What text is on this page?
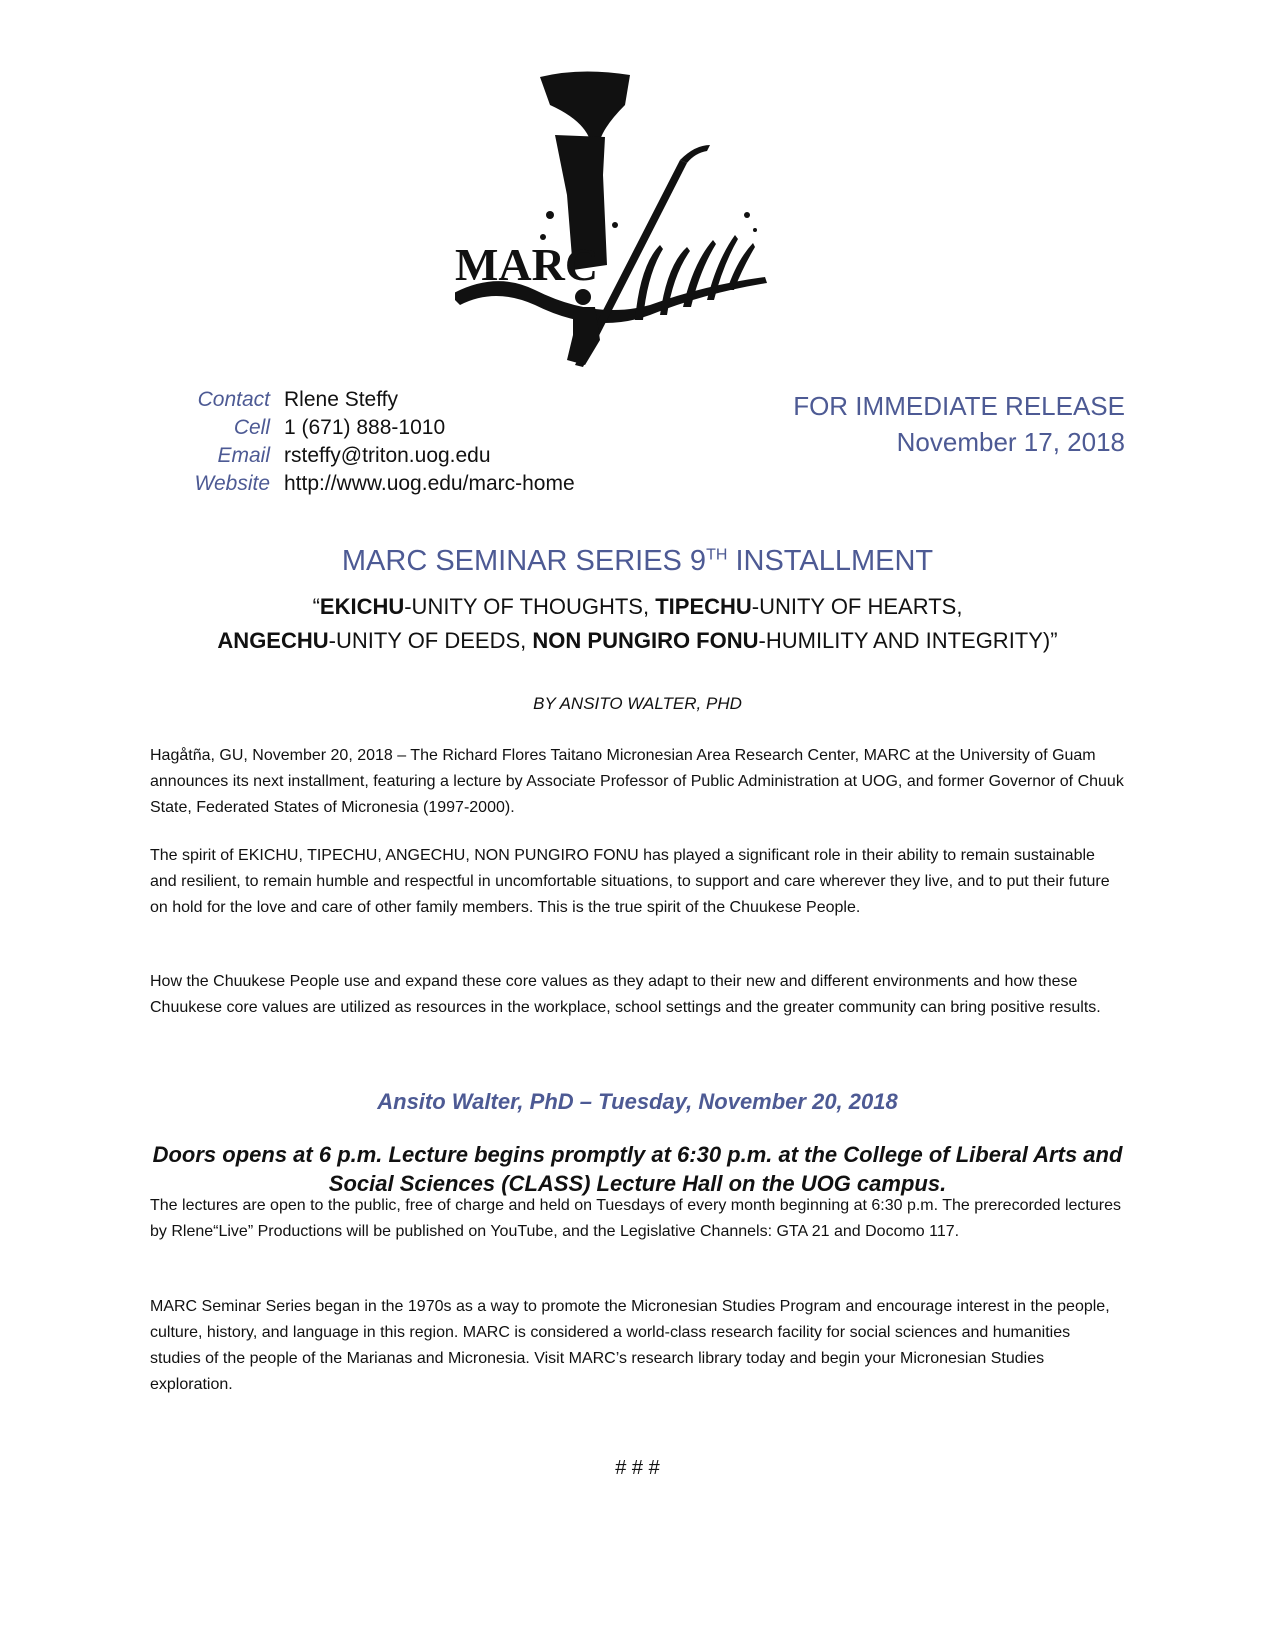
MARC
Contact Rlene Steffy
Cell 1 (671) 888-1010
Email rsteffy@triton.uog.edu
Website http://www.uog.edu/marc-home
FOR IMMEDIATE RELEASE
November 17, 2018
MARC SEMINAR SERIES 9TH INSTALLMENT
“EKICHU-UNITY OF THOUGHTS, TIPECHU-UNITY OF HEARTS,
ANGECHU-UNITY OF DEEDS, NON PUNGIRO FONU-HUMILITY AND INTEGRITY)”
BY ANSITO WALTER, PHD
Hagåtña, GU, November 20, 2018 – The Richard Flores Taitano Micronesian Area Research Center, MARC at the University of Guam announces its next installment, featuring a lecture by Associate Professor of Public Administration at UOG, and former Governor of Chuuk State, Federated States of Micronesia (1997-2000).
The spirit of EKICHU, TIPECHU, ANGECHU, NON PUNGIRO FONU has played a significant role in their ability to remain sustainable and resilient, to remain humble and respectful in uncomfortable situations, to support and care wherever they live, and to put their future on hold for the love and care of other family members. This is the true spirit of the Chuukese People.
How the Chuukese People use and expand these core values as they adapt to their new and different environments and how these Chuukese core values are utilized as resources in the workplace, school settings and the greater community can bring positive results.
Ansito Walter, PhD – Tuesday, November 20, 2018
Doors opens at 6 p.m. Lecture begins promptly at 6:30 p.m. at the College of Liberal Arts and Social Sciences (CLASS) Lecture Hall on the UOG campus.
The lectures are open to the public, free of charge and held on Tuesdays of every month beginning at 6:30 p.m. The prerecorded lectures by Rlene“Live” Productions will be published on YouTube, and the Legislative Channels: GTA 21 and Docomo 117.
MARC Seminar Series began in the 1970s as a way to promote the Micronesian Studies Program and encourage interest in the people, culture, history, and language in this region. MARC is considered a world-class research facility for social sciences and humanities studies of the people of the Marianas and Micronesia. Visit MARC’s research library today and begin your Micronesian Studies exploration.
# # #
